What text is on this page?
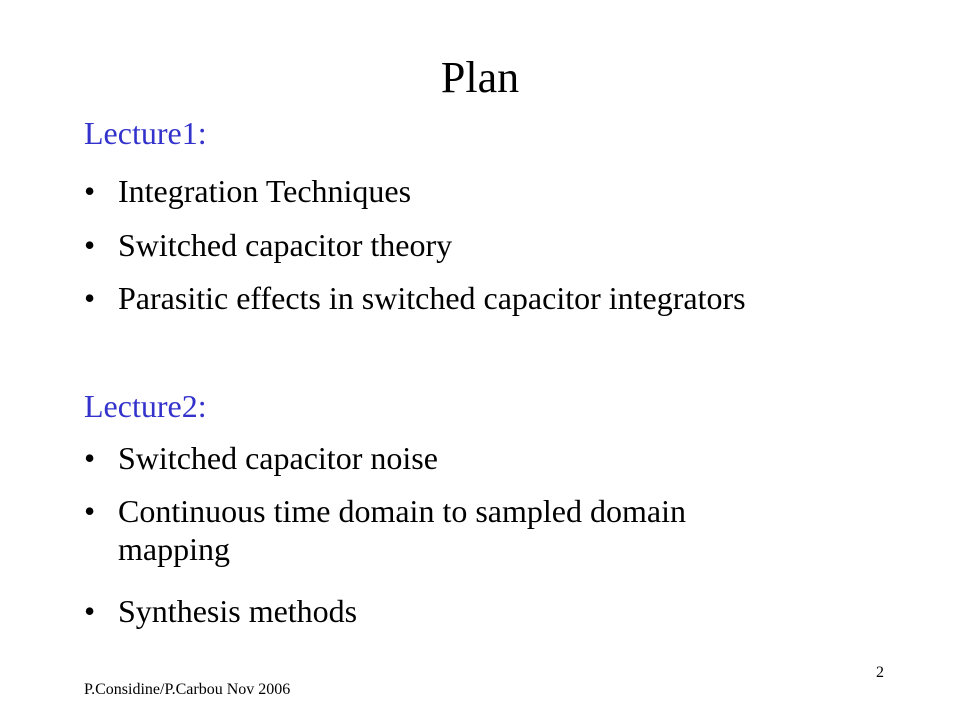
Plan
Lecture1:
• Integration Techniques
• Switched capacitor theory
• Parasitic effects in switched capacitor integrators
Lecture2:
• Switched capacitor noise
• Continuous time domain to sampled domain mapping
• Synthesis methods
P.Considine/P.Carbou Nov 2006
2
